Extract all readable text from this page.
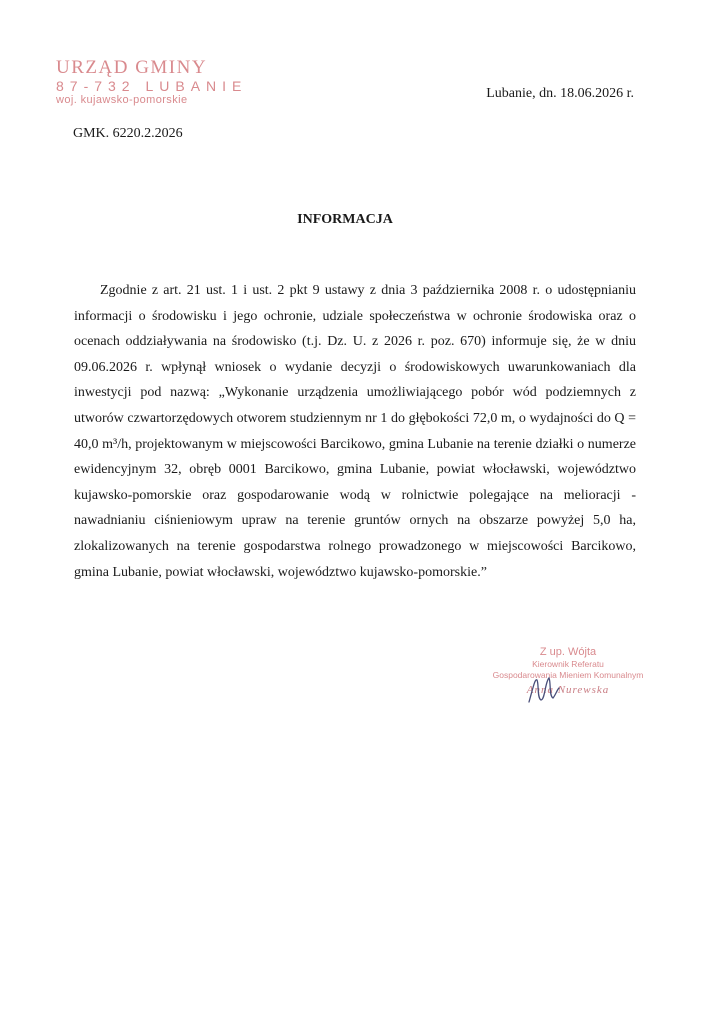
URZĄD GMINY
87-732 LUBANIE
woj. kujawsko-pomorskie	Lubanie, dn. 18.06.2026 r.
GMK. 6220.2.2026
INFORMACJA

Zgodnie z art. 21 ust. 1 i ust. 2 pkt 9 ustawy z dnia 3 października 2008 r. o udostępnianiu informacji o środowisku i jego ochronie, udziale społeczeństwa w ochronie środowiska oraz o ocenach oddziaływania na środowisko (t.j. Dz. U. z 2026 r. poz. 670) informuje się, że w dniu 09.06.2026 r. wpłynął wniosek o wydanie decyzji o środowiskowych uwarunkowaniach dla inwestycji pod nazwą: „Wykonanie urządzenia umożliwiającego pobór wód podziemnych z utworów czwartorzędowych otworem studziennym nr 1 do głębokości 72,0 m, o wydajności do Q = 40,0 m³/h, projektowanym w miejscowości Barcikowo, gmina Lubanie na terenie działki o numerze ewidencyjnym 32, obręb 0001 Barcikowo, gmina Lubanie, powiat włocławski, województwo kujawsko-pomorskie oraz gospodarowanie wodą w rolnictwie polegające na melioracji - nawadnianiu ciśnieniowym upraw na terenie gruntów ornych na obszarze powyżej 5,0 ha, zlokalizowanych na terenie gospodarstwa rolnego prowadzonego w miejscowości Barcikowo, gmina Lubanie, powiat włocławski, województwo kujawsko-pomorskie.”

Z up. Wójta
Kierownik Referatu
Gospodarowania Mieniem Komunalnym
Anna Nurewska
